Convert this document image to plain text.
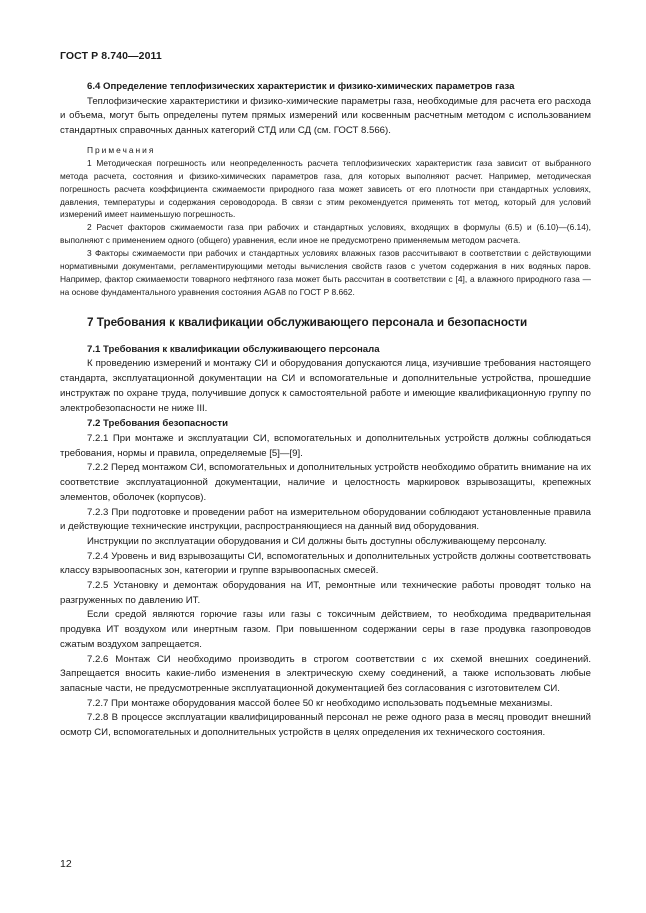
ГОСТ Р 8.740—2011

6.4 Определение теплофизических характеристик и физико-химических параметров газа

Теплофизические характеристики и физико-химические параметры газа, необходимые для расчета его расхода и объема, могут быть определены путем прямых измерений или косвенным расчетным методом с использованием стандартных справочных данных категорий СТД или СД (см. ГОСТ 8.566).

Примечания

1 Методическая погрешность или неопределенность расчета теплофизических характеристик газа зависит от выбранного метода расчета, состояния и физико-химических параметров газа, для которых выполняют расчет. Например, методическая погрешность расчета коэффициента сжимаемости природного газа может зависеть от его плотности при стандартных условиях, давления, температуры и содержания сероводорода. В связи с этим рекомендуется применять тот метод, который для условий измерений имеет наименьшую погрешность.

2 Расчет факторов сжимаемости газа при рабочих и стандартных условиях, входящих в формулы (6.5) и (6.10)—(6.14), выполняют с применением одного (общего) уравнения, если иное не предусмотрено применяемым методом расчета.

3 Факторы сжимаемости при рабочих и стандартных условиях влажных газов рассчитывают в соответствии с действующими нормативными документами, регламентирующими методы вычисления свойств газов с учетом содержания в них водяных паров. Например, фактор сжимаемости товарного нефтяного газа может быть рассчитан в соответствии с [4], а влажного природного газа — на основе фундаментального уравнения состояния AGA8 по ГОСТ Р 8.662.

7 Требования к квалификации обслуживающего персонала и безопасности

7.1 Требования к квалификации обслуживающего персонала

К проведению измерений и монтажу СИ и оборудования допускаются лица, изучившие требования настоящего стандарта, эксплуатационной документации на СИ и вспомогательные и дополнительные устройства, прошедшие инструктаж по охране труда, получившие допуск к самостоятельной работе и имеющие квалификационную группу по электробезопасности не ниже III.

7.2 Требования безопасности

7.2.1 При монтаже и эксплуатации СИ, вспомогательных и дополнительных устройств должны соблюдаться требования, нормы и правила, определяемые [5]—[9].

7.2.2 Перед монтажом СИ, вспомогательных и дополнительных устройств необходимо обратить внимание на их соответствие эксплуатационной документации, наличие и целостность маркировок взрывозащиты, крепежных элементов, оболочек (корпусов).

7.2.3 При подготовке и проведении работ на измерительном оборудовании соблюдают установленные правила и действующие технические инструкции, распространяющиеся на данный вид оборудования.

Инструкции по эксплуатации оборудования и СИ должны быть доступны обслуживающему персоналу.

7.2.4 Уровень и вид взрывозащиты СИ, вспомогательных и дополнительных устройств должны соответствовать классу взрывоопасных зон, категории и группе взрывоопасных смесей.

7.2.5 Установку и демонтаж оборудования на ИТ, ремонтные или технические работы проводят только на разгруженных по давлению ИТ.

Если средой являются горючие газы или газы с токсичным действием, то необходима предварительная продувка ИТ воздухом или инертным газом. При повышенном содержании серы в газе продувка газопроводов сжатым воздухом запрещается.

7.2.6 Монтаж СИ необходимо производить в строгом соответствии с их схемой внешних соединений. Запрещается вносить какие-либо изменения в электрическую схему соединений, а также использовать любые запасные части, не предусмотренные эксплуатационной документацией без согласования с изготовителем СИ.

7.2.7 При монтаже оборудования массой более 50 кг необходимо использовать подъемные механизмы.

7.2.8 В процессе эксплуатации квалифицированный персонал не реже одного раза в месяц проводит внешний осмотр СИ, вспомогательных и дополнительных устройств в целях определения их технического состояния.

12
